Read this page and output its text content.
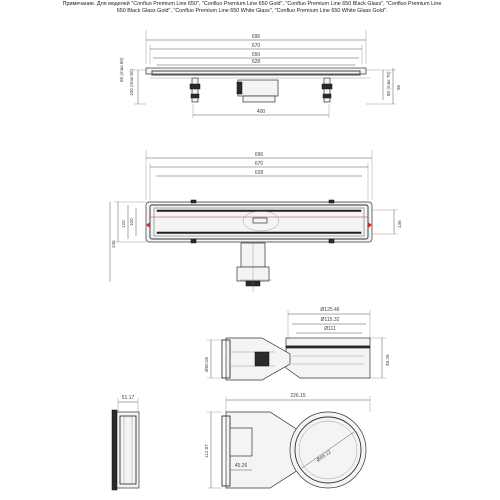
Примечание. Для моделей "Confluo Premium Line 650", "Confluo Premium Line 650 Gold", "Confluo Premium Line 650 Black Glass", "Confluo Premium Line 650 Black Glass Gold", "Confluo Premium Line 650 White Glass", "Confluo Premium Line 650 White Glass Gold".
696
670
650
628
400
100 (max 80)
65 (max 60)
80 (max 70) 95
696
670
628
120 100
245
136
Ø125.46
Ø115.32
Ø111
Ø50.05	48.26
51.17	226.15
Ø46.12
112.87
45.26
